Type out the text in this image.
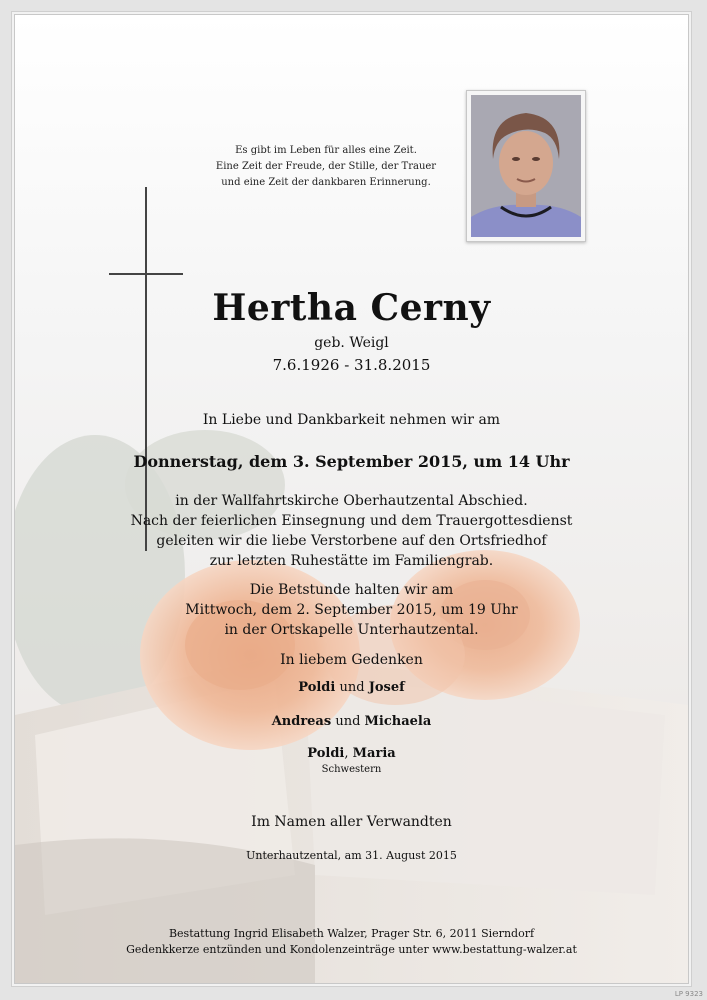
Es gibt im Leben für alles eine Zeit.
Eine Zeit der Freude, der Stille, der Trauer
und eine Zeit der dankbaren Erinnerung.
Hertha Cerny
geb. Weigl
7.6.1926 - 31.8.2015
In Liebe und Dankbarkeit nehmen wir am
Donnerstag, dem 3. September 2015, um 14 Uhr
in der Wallfahrtskirche Oberhautzental Abschied.
Nach der feierlichen Einsegnung und dem Trauergottesdienst
geleiten wir die liebe Verstorbene auf den Ortsfriedhof
zur letzten Ruhestätte im Familiengrab.
Die Betstunde halten wir am
Mittwoch, dem 2. September 2015, um 19 Uhr
in der Ortskapelle Unterhautzental.
In liebem Gedenken
Poldi und Josef
Andreas und Michaela
Poldi, Maria
Schwestern
Im Namen aller Verwandten
Unterhautzental, am 31. August 2015
Bestattung Ingrid Elisabeth Walzer, Prager Str. 6, 2011 Sierndorf
Gedenkkerze entzünden und Kondolenzeinträge unter www.bestattung-walzer.at
LP 9323
